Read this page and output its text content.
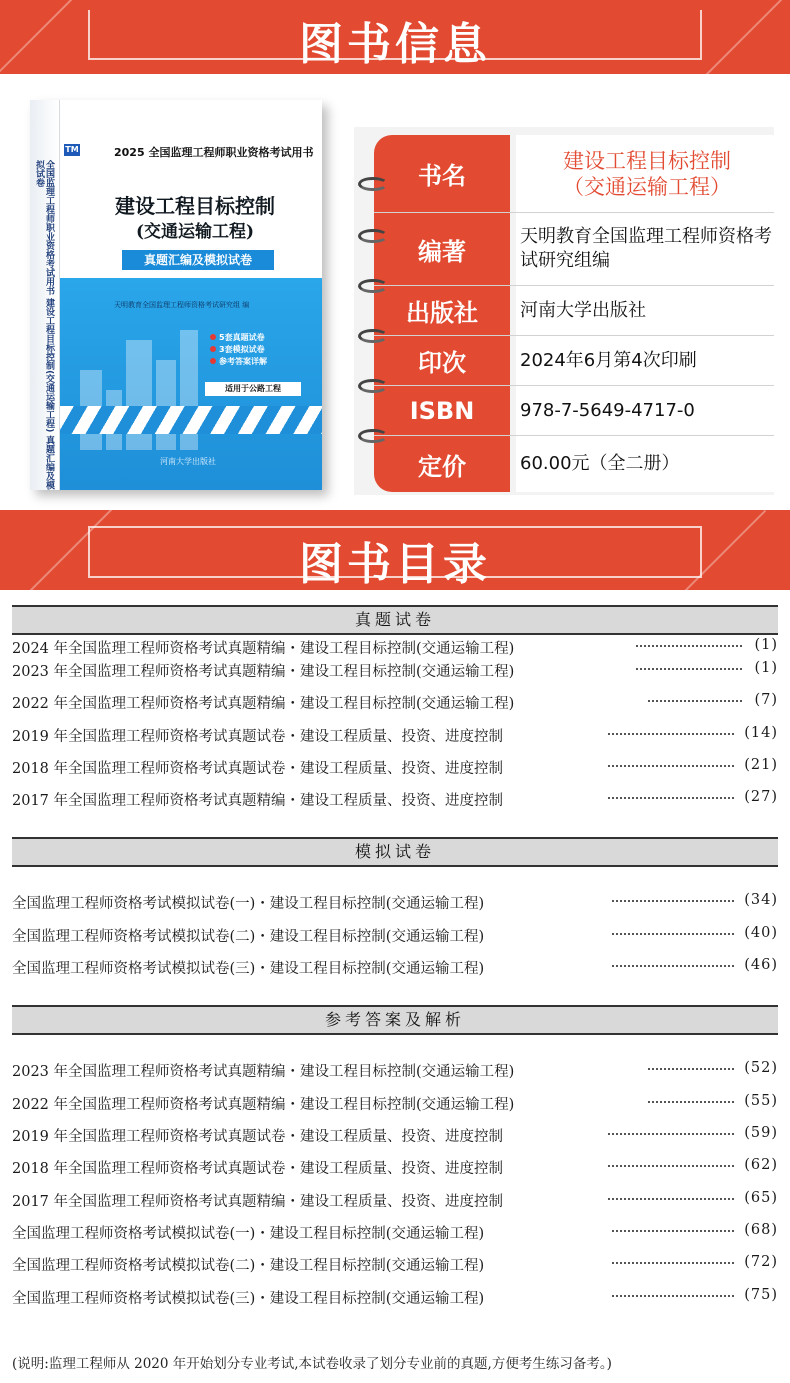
图书信息
全国监理工程师职业资格考试用书 建设工程目标控制(交通运输工程) 真题汇编及模拟试卷
TM	2025 全国监理工程师职业资格考试用书
建设工程目标控制
(交通运输工程)
真题汇编及模拟试卷
天明教育全国监理工程师资格考试研究组 编
5套真题试卷
3套模拟试卷
参考答案详解
适用于公路工程
河南大学出版社
书名
建设工程目标控制
（交通运输工程）
编著
天明教育全国监理工程师资格考试研究组编
出版社	河南大学出版社
印次	2024年6月第4次印刷
ISBN	978-7-5649-4717-0
定价	60.00元（全二册）
图书目录
真题试卷
2024 年全国监理工程师资格考试真题精编・建设工程目标控制(交通运输工程)	(1)
2023 年全国监理工程师资格考试真题精编・建设工程目标控制(交通运输工程)	(1)
2022 年全国监理工程师资格考试真题精编・建设工程目标控制(交通运输工程)	(7)
2019 年全国监理工程师资格考试真题试卷・建设工程质量、投资、进度控制	(14)
2018 年全国监理工程师资格考试真题试卷・建设工程质量、投资、进度控制	(21)
2017 年全国监理工程师资格考试真题精编・建设工程质量、投资、进度控制	(27)
模拟试卷
全国监理工程师资格考试模拟试卷(一)・建设工程目标控制(交通运输工程)	(34)
全国监理工程师资格考试模拟试卷(二)・建设工程目标控制(交通运输工程)	(40)
全国监理工程师资格考试模拟试卷(三)・建设工程目标控制(交通运输工程)	(46)
参考答案及解析
2023 年全国监理工程师资格考试真题精编・建设工程目标控制(交通运输工程)	(52)
2022 年全国监理工程师资格考试真题精编・建设工程目标控制(交通运输工程)	(55)
2019 年全国监理工程师资格考试真题试卷・建设工程质量、投资、进度控制	(59)
2018 年全国监理工程师资格考试真题试卷・建设工程质量、投资、进度控制	(62)
2017 年全国监理工程师资格考试真题精编・建设工程质量、投资、进度控制	(65)
全国监理工程师资格考试模拟试卷(一)・建设工程目标控制(交通运输工程)	(68)
全国监理工程师资格考试模拟试卷(二)・建设工程目标控制(交通运输工程)	(72)
全国监理工程师资格考试模拟试卷(三)・建设工程目标控制(交通运输工程)	(75)
(说明:监理工程师从 2020 年开始划分专业考试,本试卷收录了划分专业前的真题,方便考生练习备考。)
